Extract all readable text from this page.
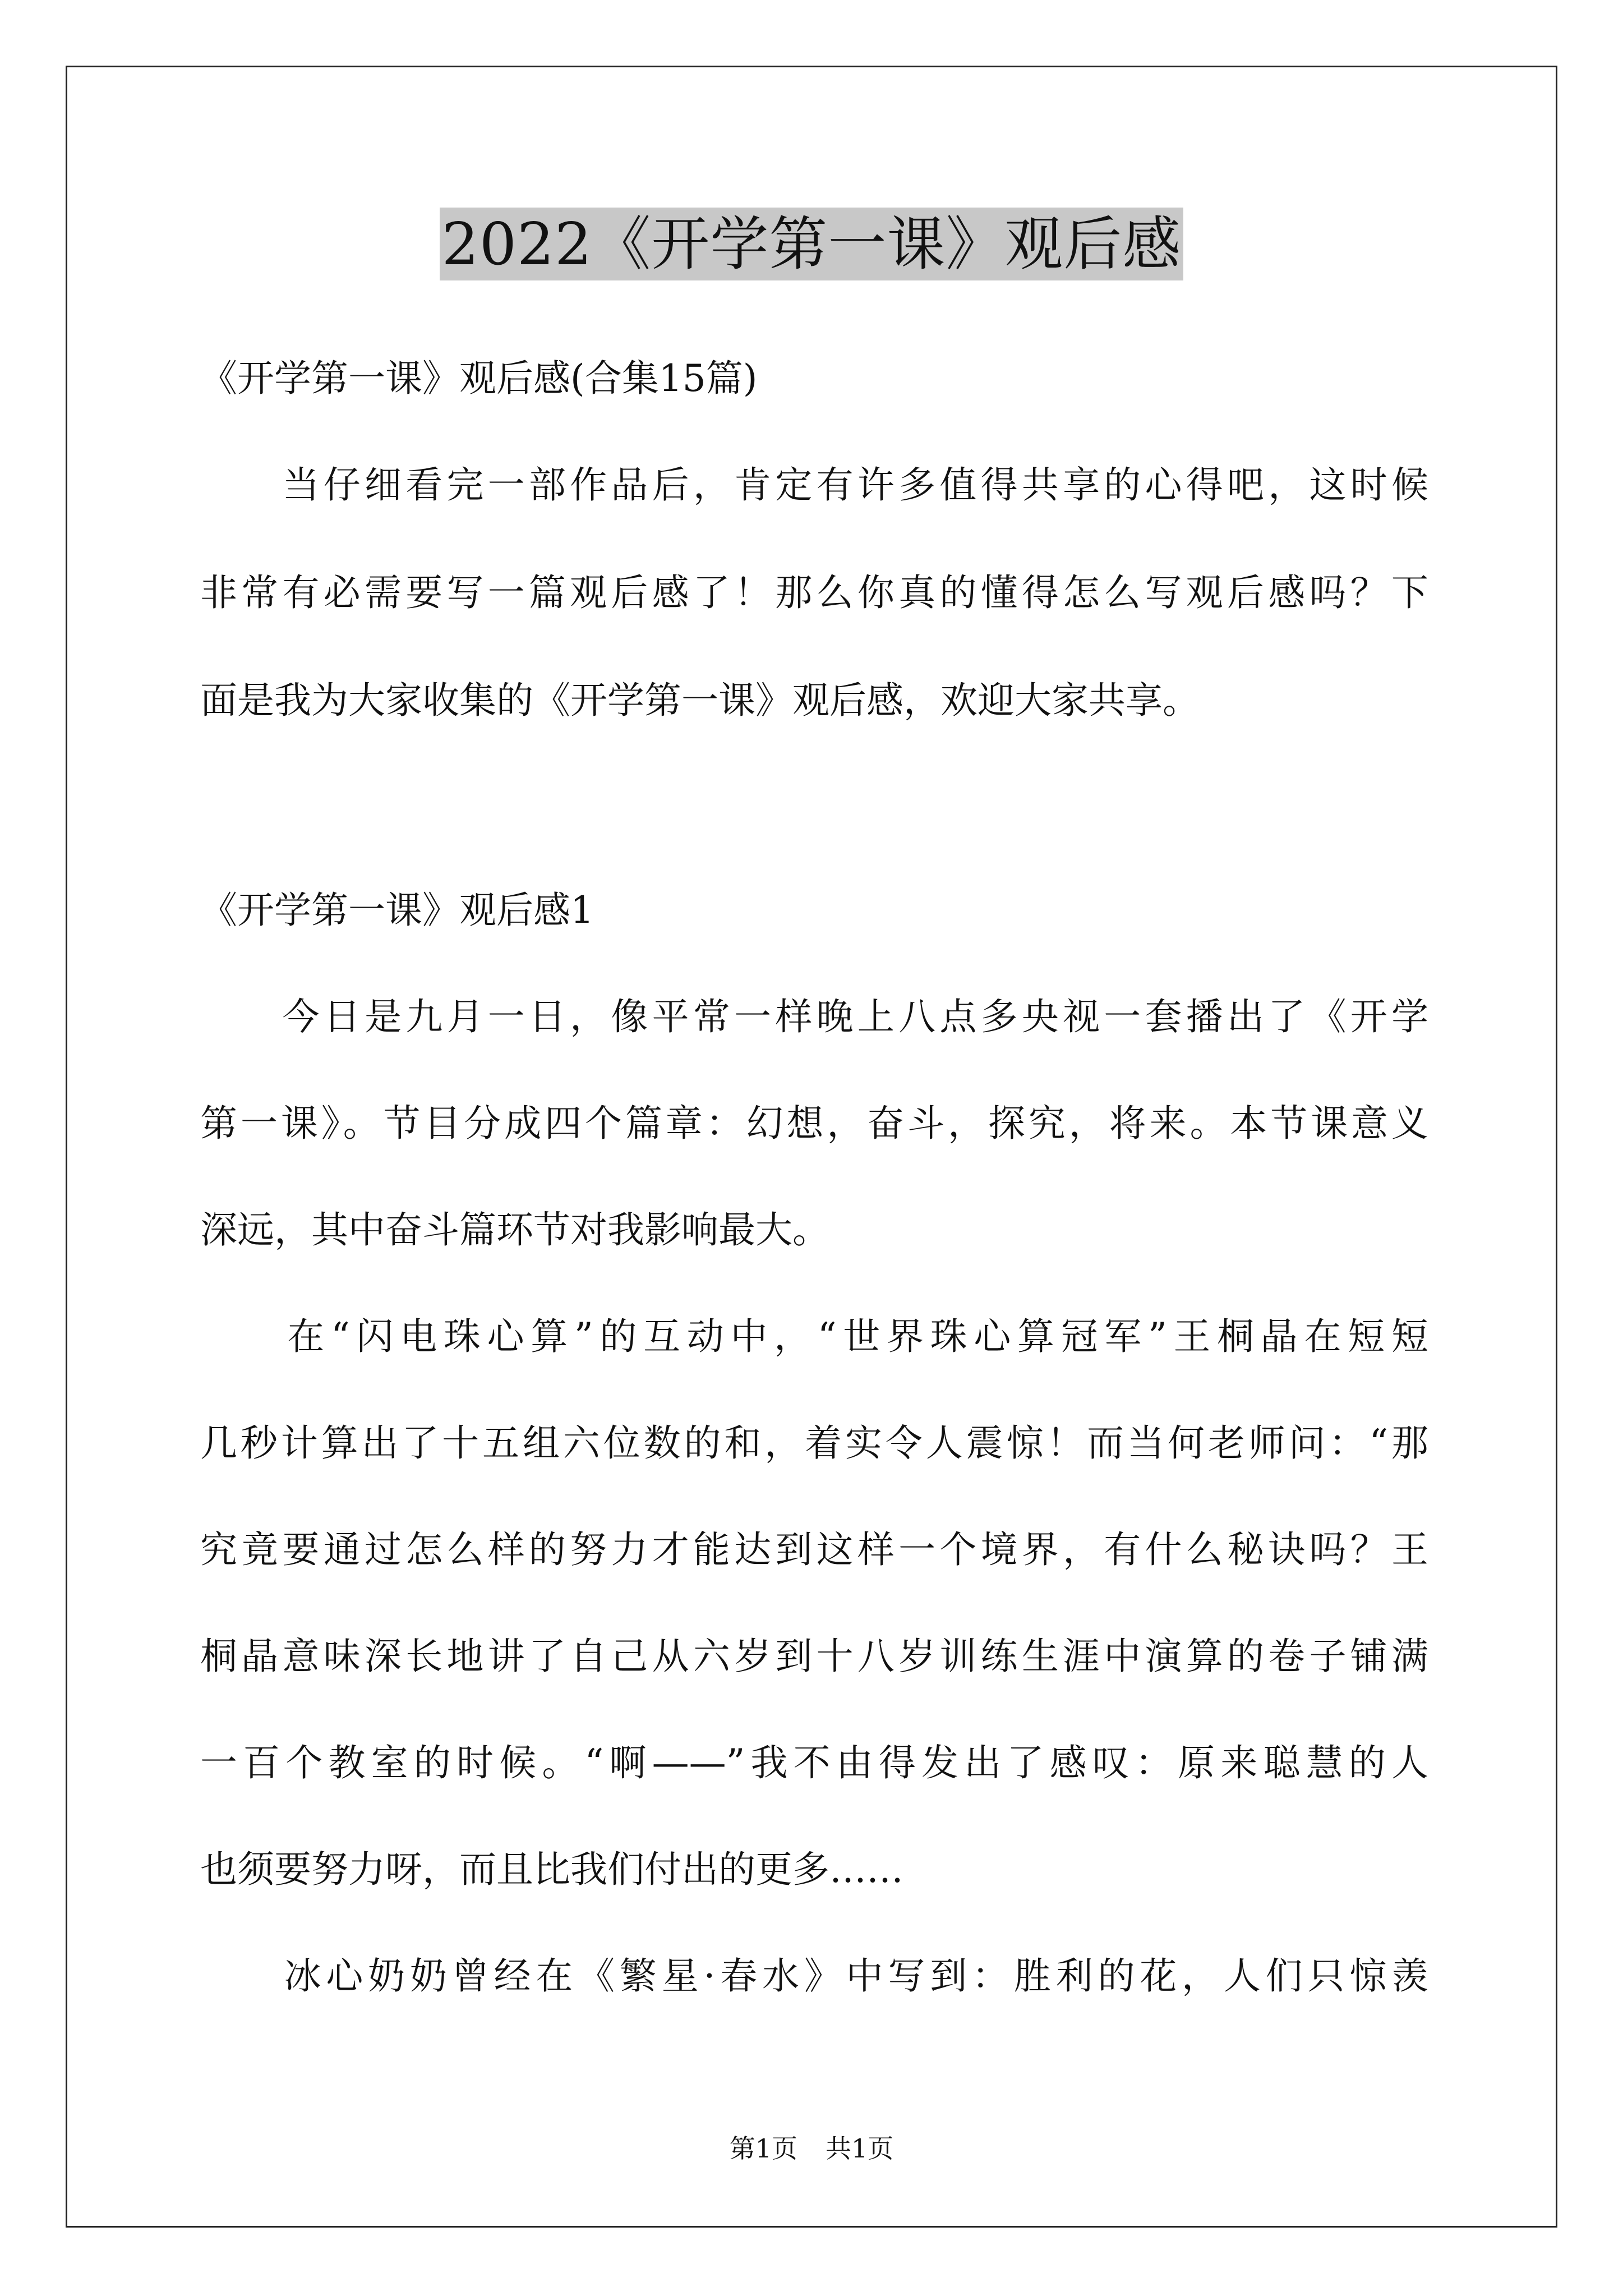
2022《开学第一课》观后感
《开学第一课》观后感(合集15篇)
　　当仔细看完一部作品后，肯定有许多值得共享的心得吧，这时候
非常有必需要写一篇观后感了！那么你真的懂得怎么写观后感吗？下
面是我为大家收集的《开学第一课》观后感，欢迎大家共享。
《开学第一课》观后感1
　　今日是九月一日，像平常一样晚上八点多央视一套播出了《开学
第一课》。节目分成四个篇章：幻想，奋斗，探究，将来。本节课意义
深远，其中奋斗篇环节对我影响最大。
　　在“闪电珠心算”的互动中，“世界珠心算冠军”王桐晶在短短
几秒计算出了十五组六位数的和，着实令人震惊！而当何老师问：“那
究竟要通过怎么样的努力才能达到这样一个境界，有什么秘诀吗？王
桐晶意味深长地讲了自己从六岁到十八岁训练生涯中演算的卷子铺满
一百个教室的时候。“啊——”我不由得发出了感叹：原来聪慧的人
也须要努力呀，而且比我们付出的更多……
　　冰心奶奶曾经在《繁星·春水》中写到：胜利的花，人们只惊羡
第1页 共1页
